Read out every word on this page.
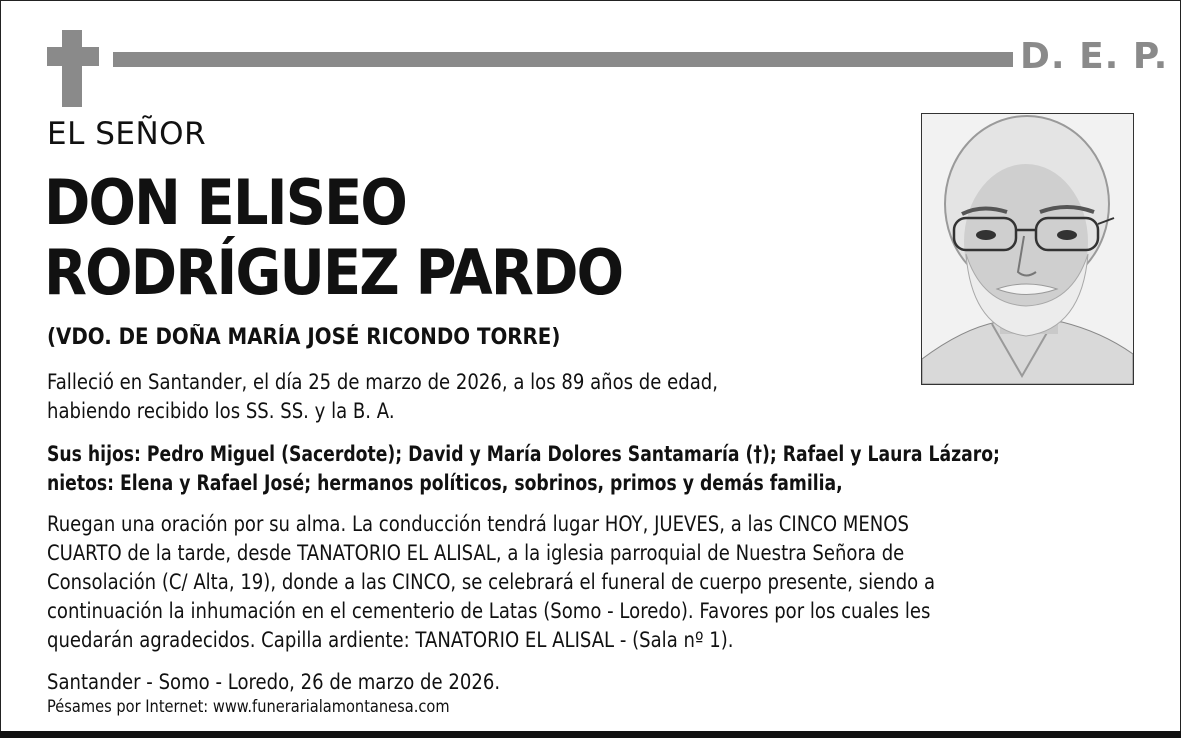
D. E. P.
EL SEÑOR
DON ELISEO
RODRÍGUEZ PARDO
(VDO. DE DOÑA MARÍA JOSÉ RICONDO TORRE)
Falleció en Santander, el día 25 de marzo de 2026, a los 89 años de edad,
habiendo recibido los SS. SS. y la B. A.
Sus hijos: Pedro Miguel (Sacerdote); David y María Dolores Santamaría (†); Rafael y Laura Lázaro;
nietos: Elena y Rafael José; hermanos políticos, sobrinos, primos y demás familia,
Ruegan una oración por su alma. La conducción tendrá lugar HOY, JUEVES, a las CINCO MENOS
CUARTO de la tarde, desde TANATORIO EL ALISAL, a la iglesia parroquial de Nuestra Señora de
Consolación (C/ Alta, 19), donde a las CINCO, se celebrará el funeral de cuerpo presente, siendo a
continuación la inhumación en el cementerio de Latas (Somo - Loredo). Favores por los cuales les
quedarán agradecidos. Capilla ardiente: TANATORIO EL ALISAL - (Sala nº 1).
Santander - Somo - Loredo, 26 de marzo de 2026.
Pésames por Internet: www.funerarialamontanesa.com
